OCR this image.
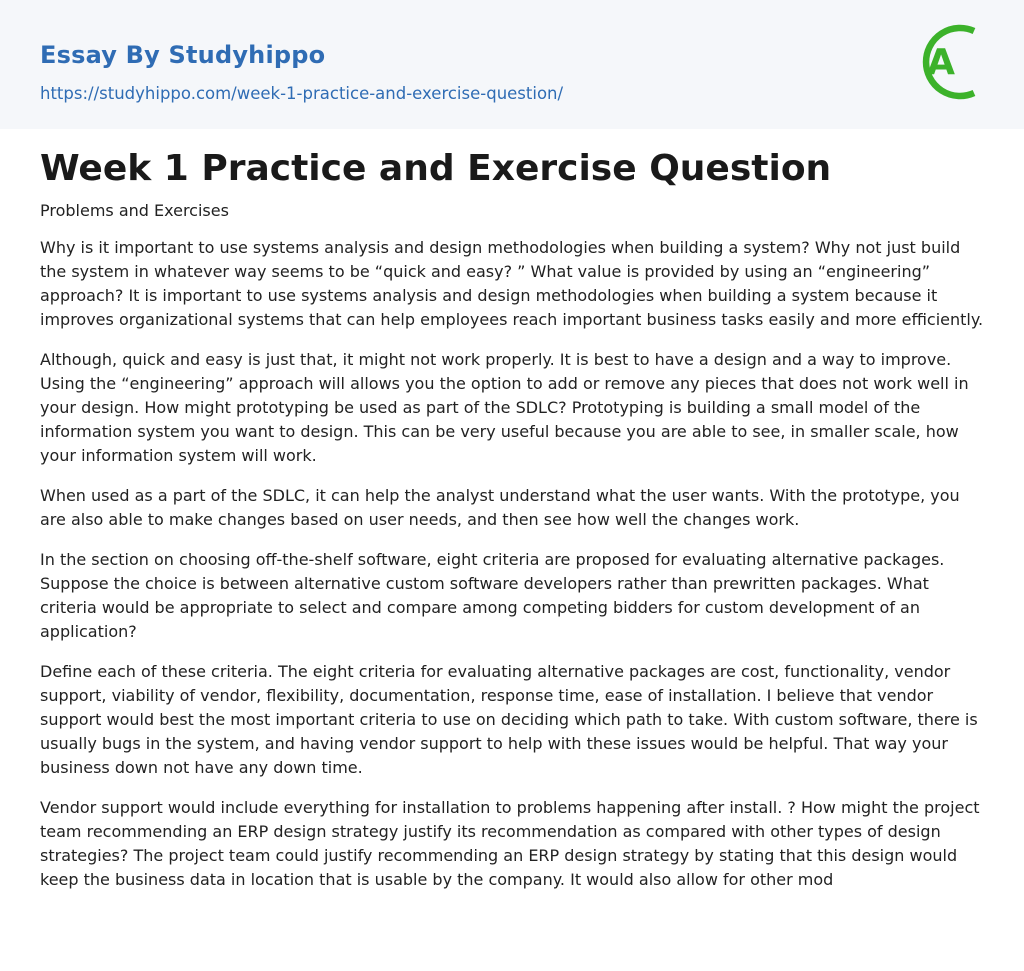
Essay By Studyhippo
https://studyhippo.com/week-1-practice-and-exercise-question/
A
Week 1 Practice and Exercise Question

Problems and Exercises

Why is it important to use systems analysis and design methodologies when building a system? Why not just build the system in whatever way seems to be “quick and easy? ” What value is provided by using an “engineering” approach? It is important to use systems analysis and design methodologies when building a system because it improves organizational systems that can help employees reach important business tasks easily and more efficiently.

Although, quick and easy is just that, it might not work properly. It is best to have a design and a way to improve. Using the “engineering” approach will allows you the option to add or remove any pieces that does not work well in your design. How might prototyping be used as part of the SDLC? Prototyping is building a small model of the information system you want to design. This can be very useful because you are able to see, in smaller scale, how your information system will work.

When used as a part of the SDLC, it can help the analyst understand what the user wants. With the prototype, you are also able to make changes based on user needs, and then see how well the changes work.

In the section on choosing off-the-shelf software, eight criteria are proposed for evaluating alternative packages. Suppose the choice is between alternative custom software developers rather than prewritten packages. What criteria would be appropriate to select and compare among competing bidders for custom development of an application?

Define each of these criteria. The eight criteria for evaluating alternative packages are cost, functionality, vendor support, viability of vendor, flexibility, documentation, response time, ease of installation. I believe that vendor support would best the most important criteria to use on deciding which path to take. With custom software, there is usually bugs in the system, and having vendor support to help with these issues would be helpful. That way your business down not have any down time.

Vendor support would include everything for installation to problems happening after install. ? How might the project team recommending an ERP design strategy justify its recommendation as compared with other types of design strategies? The project team could justify recommending an ERP design strategy by stating that this design would keep the business data in location that is usable by the company. It would also allow for other mod
